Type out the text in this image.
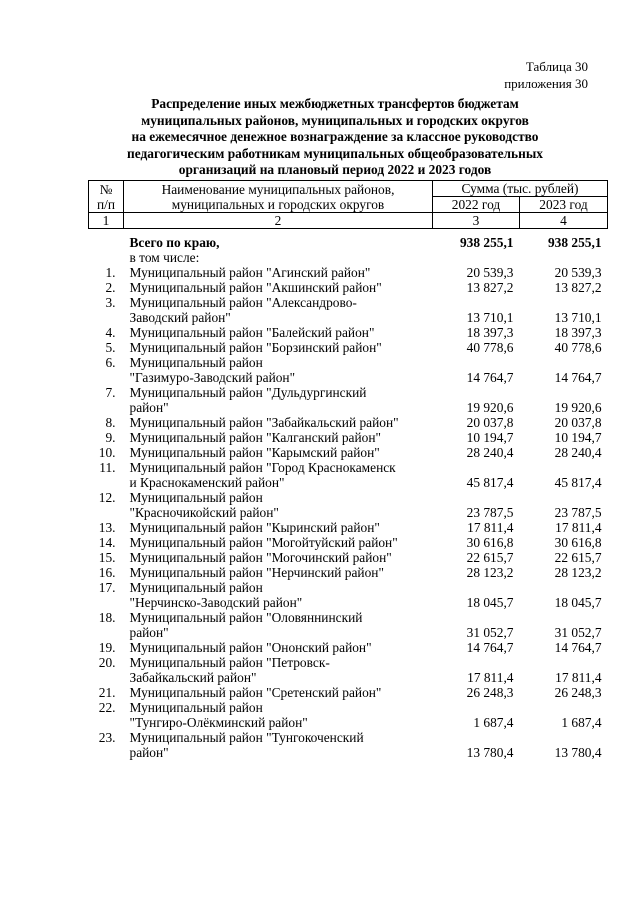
Таблица 30
приложения 30
Распределение иных межбюджетных трансфертов бюджетам
муниципальных районов, муниципальных и городских округов
на ежемесячное денежное вознаграждение за классное руководство
педагогическим работникам муниципальных общеобразовательных
организаций на плановый период 2022 и 2023 годов
№	Наименование муниципальных районов,	Сумма (тыс. рублей)	
п/п	муниципальных и городских округов	2022 год	2023 год
1	2	3	4
	Всего по краю,	938 255,1	938 255,1
	в том числе:		
1.	Муниципальный район "Агинский район"	20 539,3	20 539,3
2.	Муниципальный район "Акшинский район"	13 827,2	13 827,2
3.	Муниципальный район "Александрово-
Заводский район"	13 710,1	13 710,1
4.	Муниципальный район "Балейский район"	18 397,3	18 397,3
5.	Муниципальный район "Борзинский район"	40 778,6	40 778,6
6.	Муниципальный район
"Газимуро-Заводский район"	14 764,7	14 764,7
7.	Муниципальный район "Дульдургинский
район"	19 920,6	19 920,6
8.	Муниципальный район "Забайкальский район"	20 037,8	20 037,8
9.	Муниципальный район "Калганский район"	10 194,7	10 194,7
10.	Муниципальный район "Карымский район"	28 240,4	28 240,4
11.	Муниципальный район "Город Краснокаменск
и Краснокаменский район"	45 817,4	45 817,4
12.	Муниципальный район
"Красночикойский район"	23 787,5	23 787,5
13.	Муниципальный район "Кыринский район"	17 811,4	17 811,4
14.	Муниципальный район "Могойтуйский район"	30 616,8	30 616,8
15.	Муниципальный район "Могочинский район"	22 615,7	22 615,7
16.	Муниципальный район "Нерчинский район"	28 123,2	28 123,2
17.	Муниципальный район
"Нерчинско-Заводский район"	18 045,7	18 045,7
18.	Муниципальный район "Оловяннинский
район"	31 052,7	31 052,7
19.	Муниципальный район "Ононский район"	14 764,7	14 764,7
20.	Муниципальный район "Петровск-
Забайкальский район"	17 811,4	17 811,4
21.	Муниципальный район "Сретенский район"	26 248,3	26 248,3
22.	Муниципальный район
"Тунгиро-Олёкминский район"	1 687,4	1 687,4
23.	Муниципальный район "Тунгокоченский
район"	13 780,4	13 780,4
